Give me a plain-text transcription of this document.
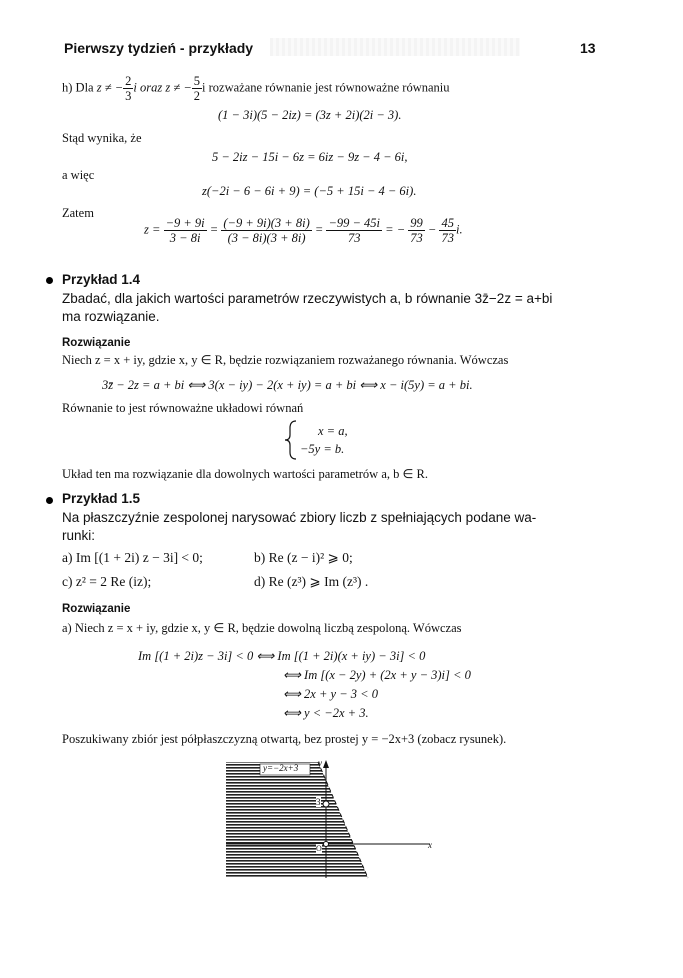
Pierwszy tydzień - przykłady	13
h) Dla z ≠ − $\frac{2}{3}$ i oraz z ≠ − $\frac{5}{2}$ i rozważane równanie jest równoważne równaniu
(1 − 3i)(5 − 2iz) = (3z + 2i)(2i − 3).
Stąd wynika, że
5 − 2iz − 15i − 6z = 6iz − 9z − 4 − 6i,
a więc
z(−2i − 6 − 6i + 9) = (−5 + 15i − 4 − 6i).
Zatem
$z = \frac{-9 + 9i}{3 - 8i} = \frac{(-9 + 9i)(3 + 8i)}{(3 - 8i)(3 + 8i)} = \frac{-99 - 45i}{73}$ = − $\frac{99}{73} - \frac{45}{73} i$.
Przykład 1.4
Zbadać, dla jakich wartości parametrów rzeczywistych a, b równanie 3z̄−2z = a+bi
ma rozwiązanie.
Rozwiązanie
Niech z = x + iy, gdzie x, y ∈ R, będzie rozwiązaniem rozważanego równania. Wówczas
3z̄ − 2z = a + bi ⟺ 3(x − iy) − 2(x + iy) = a + bi ⟺ x − i(5y) = a + bi.
Równanie to jest równoważne układowi równań
x = a,
−5y = b.
Układ ten ma rozwiązanie dla dowolnych wartości parametrów a, b ∈ R.
Przykład 1.5
Na płaszczyźnie zespolonej narysować zbiory liczb z spełniających podane wa-
runki:
a) Im [(1 + 2i) z − 3i] < 0;	b) Re (z − i)² ⩾ 0;
c) z² = 2 Re (iz);	d) Re (z³) ⩾ Im (z³) .
Rozwiązanie
a) Niech z = x + iy, gdzie x, y ∈ R, będzie dowolną liczbą zespoloną. Wówczas
Im [(1 + 2i)z − 3i] < 0 ⟺ Im [(1 + 2i)(x + iy) − 3i] < 0
⟺ Im [(x − 2y) + (2x + y − 3)i] < 0
⟺ 2x + y − 3 < 0
⟺ y < −2x + 3.
Poszukiwany zbiór jest półpłaszczyzną otwartą, bez prostej y = −2x+3 (zobacz rysunek).
y=−2x+3 y
x
3
O
